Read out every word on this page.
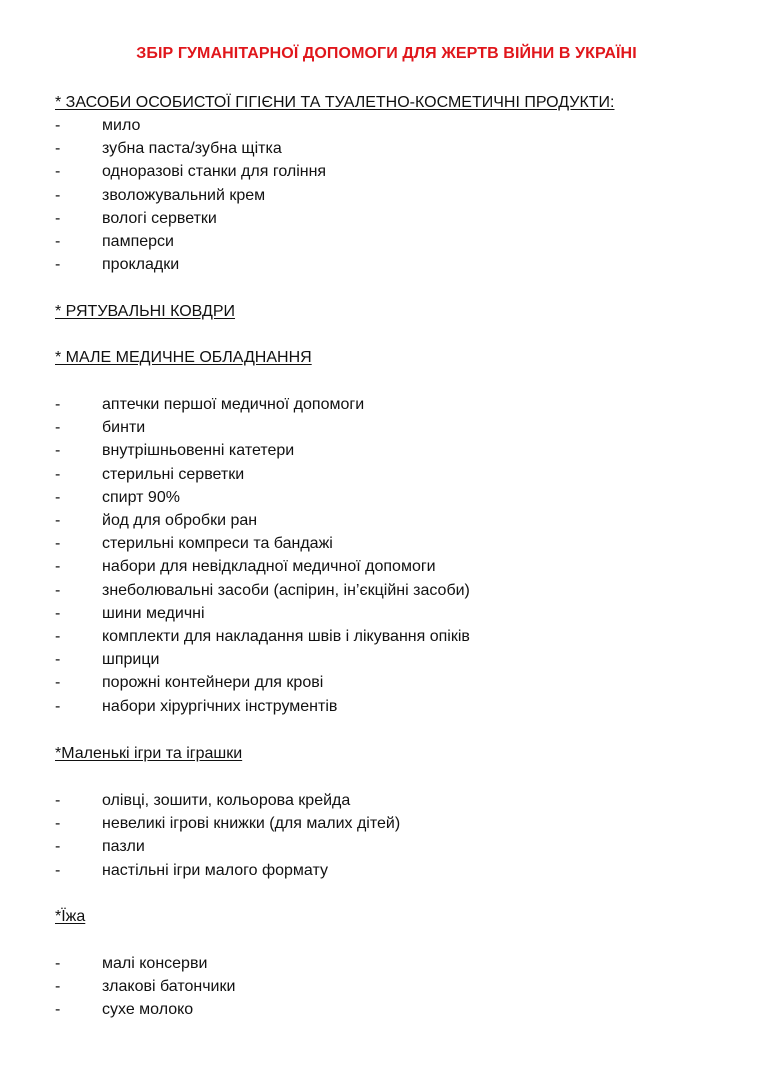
ЗБІР ГУМАНІТАРНОЇ ДОПОМОГИ ДЛЯ ЖЕРТВ ВІЙНИ В УКРАЇНІ
* ЗАСОБИ ОСОБИСТОЇ ГІГІЄНИ ТА ТУАЛЕТНО-КОСМЕТИЧНІ ПРОДУКТИ:
-	мило
-	зубна паста/зубна щітка
-	одноразові станки для гоління
-	зволожувальний крем
-	вологі серветки
-	памперси
-	прокладки
* РЯТУВАЛЬНІ КОВДРИ
* МАЛЕ МЕДИЧНЕ ОБЛАДНАННЯ
-	аптечки першої медичної допомоги
-	бинти
-	внутрішньовенні катетери
-	стерильні серветки
-	спирт 90%
-	йод для обробки ран
-	стерильні компреси та бандажі
-	набори для невідкладної медичної допомоги
-	знеболювальні засоби (аспірин, ін’єкційні засоби)
-	шини медичні
-	комплекти для накладання швів і лікування опіків
-	шприци
-	порожні контейнери для крові
-	набори хірургічних інструментів
*Маленькі ігри та іграшки
-	олівці, зошити, кольорова крейда
-	невеликі ігрові книжки (для малих дітей)
-	пазли
-	настільні ігри малого формату
*Їжа
-	малі консерви
-	злакові батончики
-	сухе молоко
